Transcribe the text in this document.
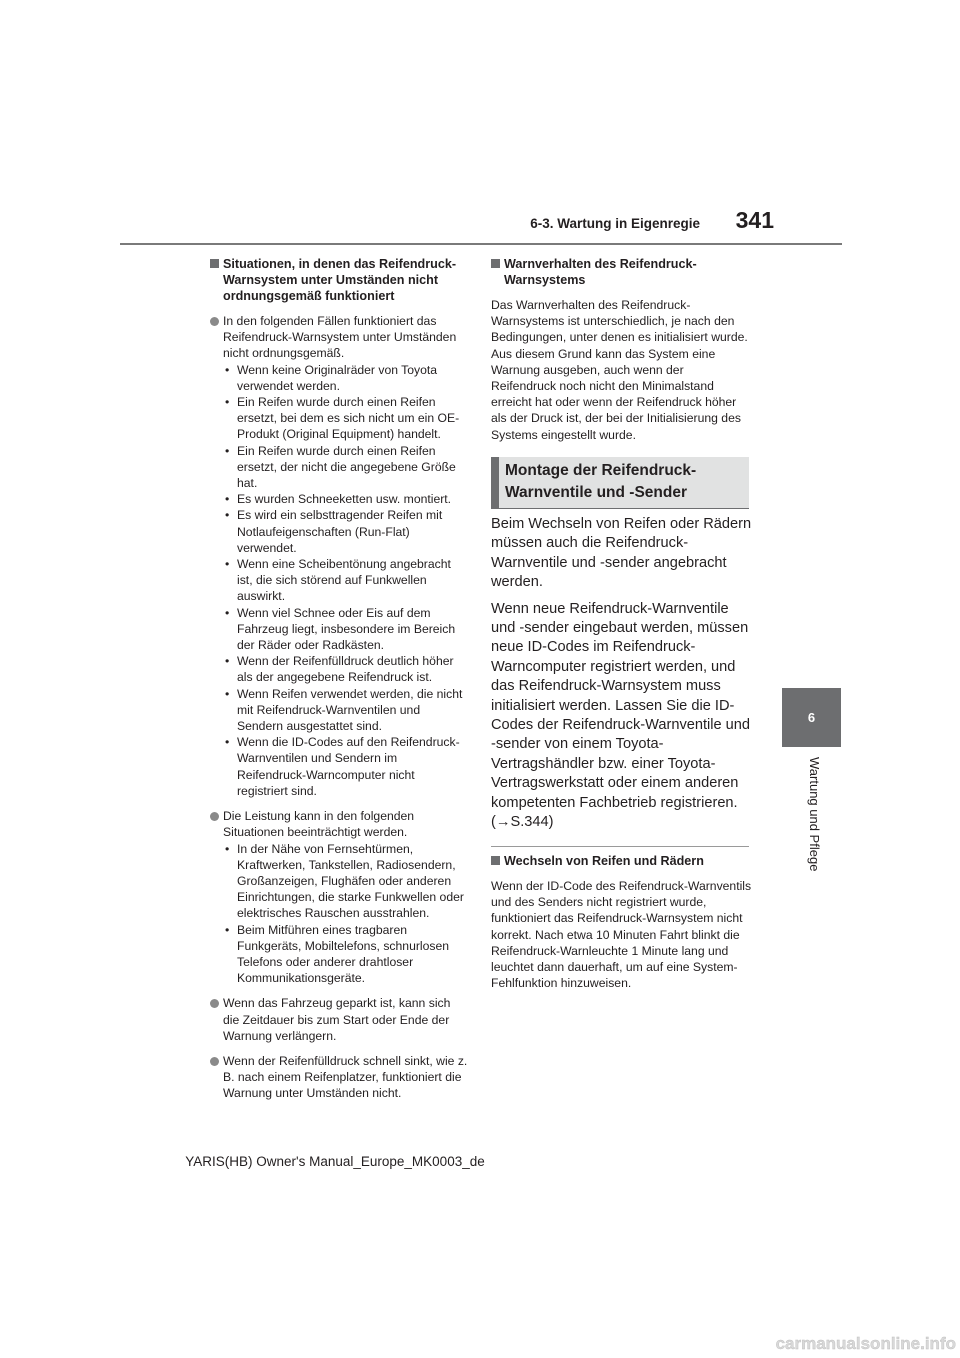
6-3. Wartung in Eigenregie	341
6
Wartung und Pflege
Situationen, in denen das Reifendruck-Warnsystem unter Umständen nicht ordnungsgemäß funktioniert
In den folgenden Fällen funktioniert das Reifendruck-Warnsystem unter Umständen nicht ordnungsgemäß.
• Wenn keine Originalräder von Toyota verwendet werden.
• Ein Reifen wurde durch einen Reifen ersetzt, bei dem es sich nicht um ein OE-Produkt (Original Equipment) handelt.
• Ein Reifen wurde durch einen Reifen ersetzt, der nicht die angegebene Größe hat.
• Es wurden Schneeketten usw. montiert.
• Es wird ein selbsttragender Reifen mit Notlaufeigenschaften (Run-Flat) verwendet.
• Wenn eine Scheibentönung angebracht ist, die sich störend auf Funkwellen auswirkt.
• Wenn viel Schnee oder Eis auf dem Fahrzeug liegt, insbesondere im Bereich der Räder oder Radkästen.
• Wenn der Reifenfülldruck deutlich höher als der angegebene Reifendruck ist.
• Wenn Reifen verwendet werden, die nicht mit Reifendruck-Warnventilen und Sendern ausgestattet sind.
• Wenn die ID-Codes auf den Reifendruck-Warnventilen und Sendern im Reifendruck-Warncomputer nicht registriert sind.
Die Leistung kann in den folgenden Situationen beeinträchtigt werden.
• In der Nähe von Fernsehtürmen, Kraftwerken, Tankstellen, Radiosendern, Großanzeigen, Flughäfen oder anderen Einrichtungen, die starke Funkwellen oder elektrisches Rauschen ausstrahlen.
• Beim Mitführen eines tragbaren Funkgeräts, Mobiltelefons, schnurlosen Telefons oder anderer drahtloser Kommunikationsgeräte.
Wenn das Fahrzeug geparkt ist, kann sich die Zeitdauer bis zum Start oder Ende der Warnung verlängern.
Wenn der Reifenfülldruck schnell sinkt, wie z. B. nach einem Reifenplatzer, funktioniert die Warnung unter Umständen nicht.
Warnverhalten des Reifendruck-Warnsystems
Das Warnverhalten des Reifendruck-Warnsystems ist unterschiedlich, je nach den Bedingungen, unter denen es initialisiert wurde. Aus diesem Grund kann das System eine Warnung ausgeben, auch wenn der Reifendruck noch nicht den Minimalstand erreicht hat oder wenn der Reifendruck höher als der Druck ist, der bei der Initialisierung des Systems eingestellt wurde.
Montage der Reifendruck-
Warnventile und -Sender

Beim Wechseln von Reifen oder Rädern müssen auch die Reifendruck-Warnventile und -sender angebracht werden.

Wenn neue Reifendruck-Warnventile und -sender eingebaut werden, müssen neue ID-Codes im Reifendruck-Warncomputer registriert werden, und das Reifendruck-Warnsystem muss initialisiert werden. Lassen Sie die ID-Codes der Reifendruck-Warnventile und -sender von einem Toyota-Vertragshändler bzw. einer Toyota-Vertragswerkstatt oder einem anderen kompetenten Fachbetrieb registrieren.
(→S.344)

Wechseln von Reifen und Rädern
Wenn der ID-Code des Reifendruck-Warnventils und des Senders nicht registriert wurde, funktioniert das Reifendruck-Warnsystem nicht korrekt. Nach etwa 10 Minuten Fahrt blinkt die Reifendruck-Warnleuchte 1 Minute lang und leuchtet dann dauerhaft, um auf eine System-Fehlfunktion hinzuweisen.
YARIS(HB) Owner's Manual_Europe_MK0003_de
carmanualsonline.info
